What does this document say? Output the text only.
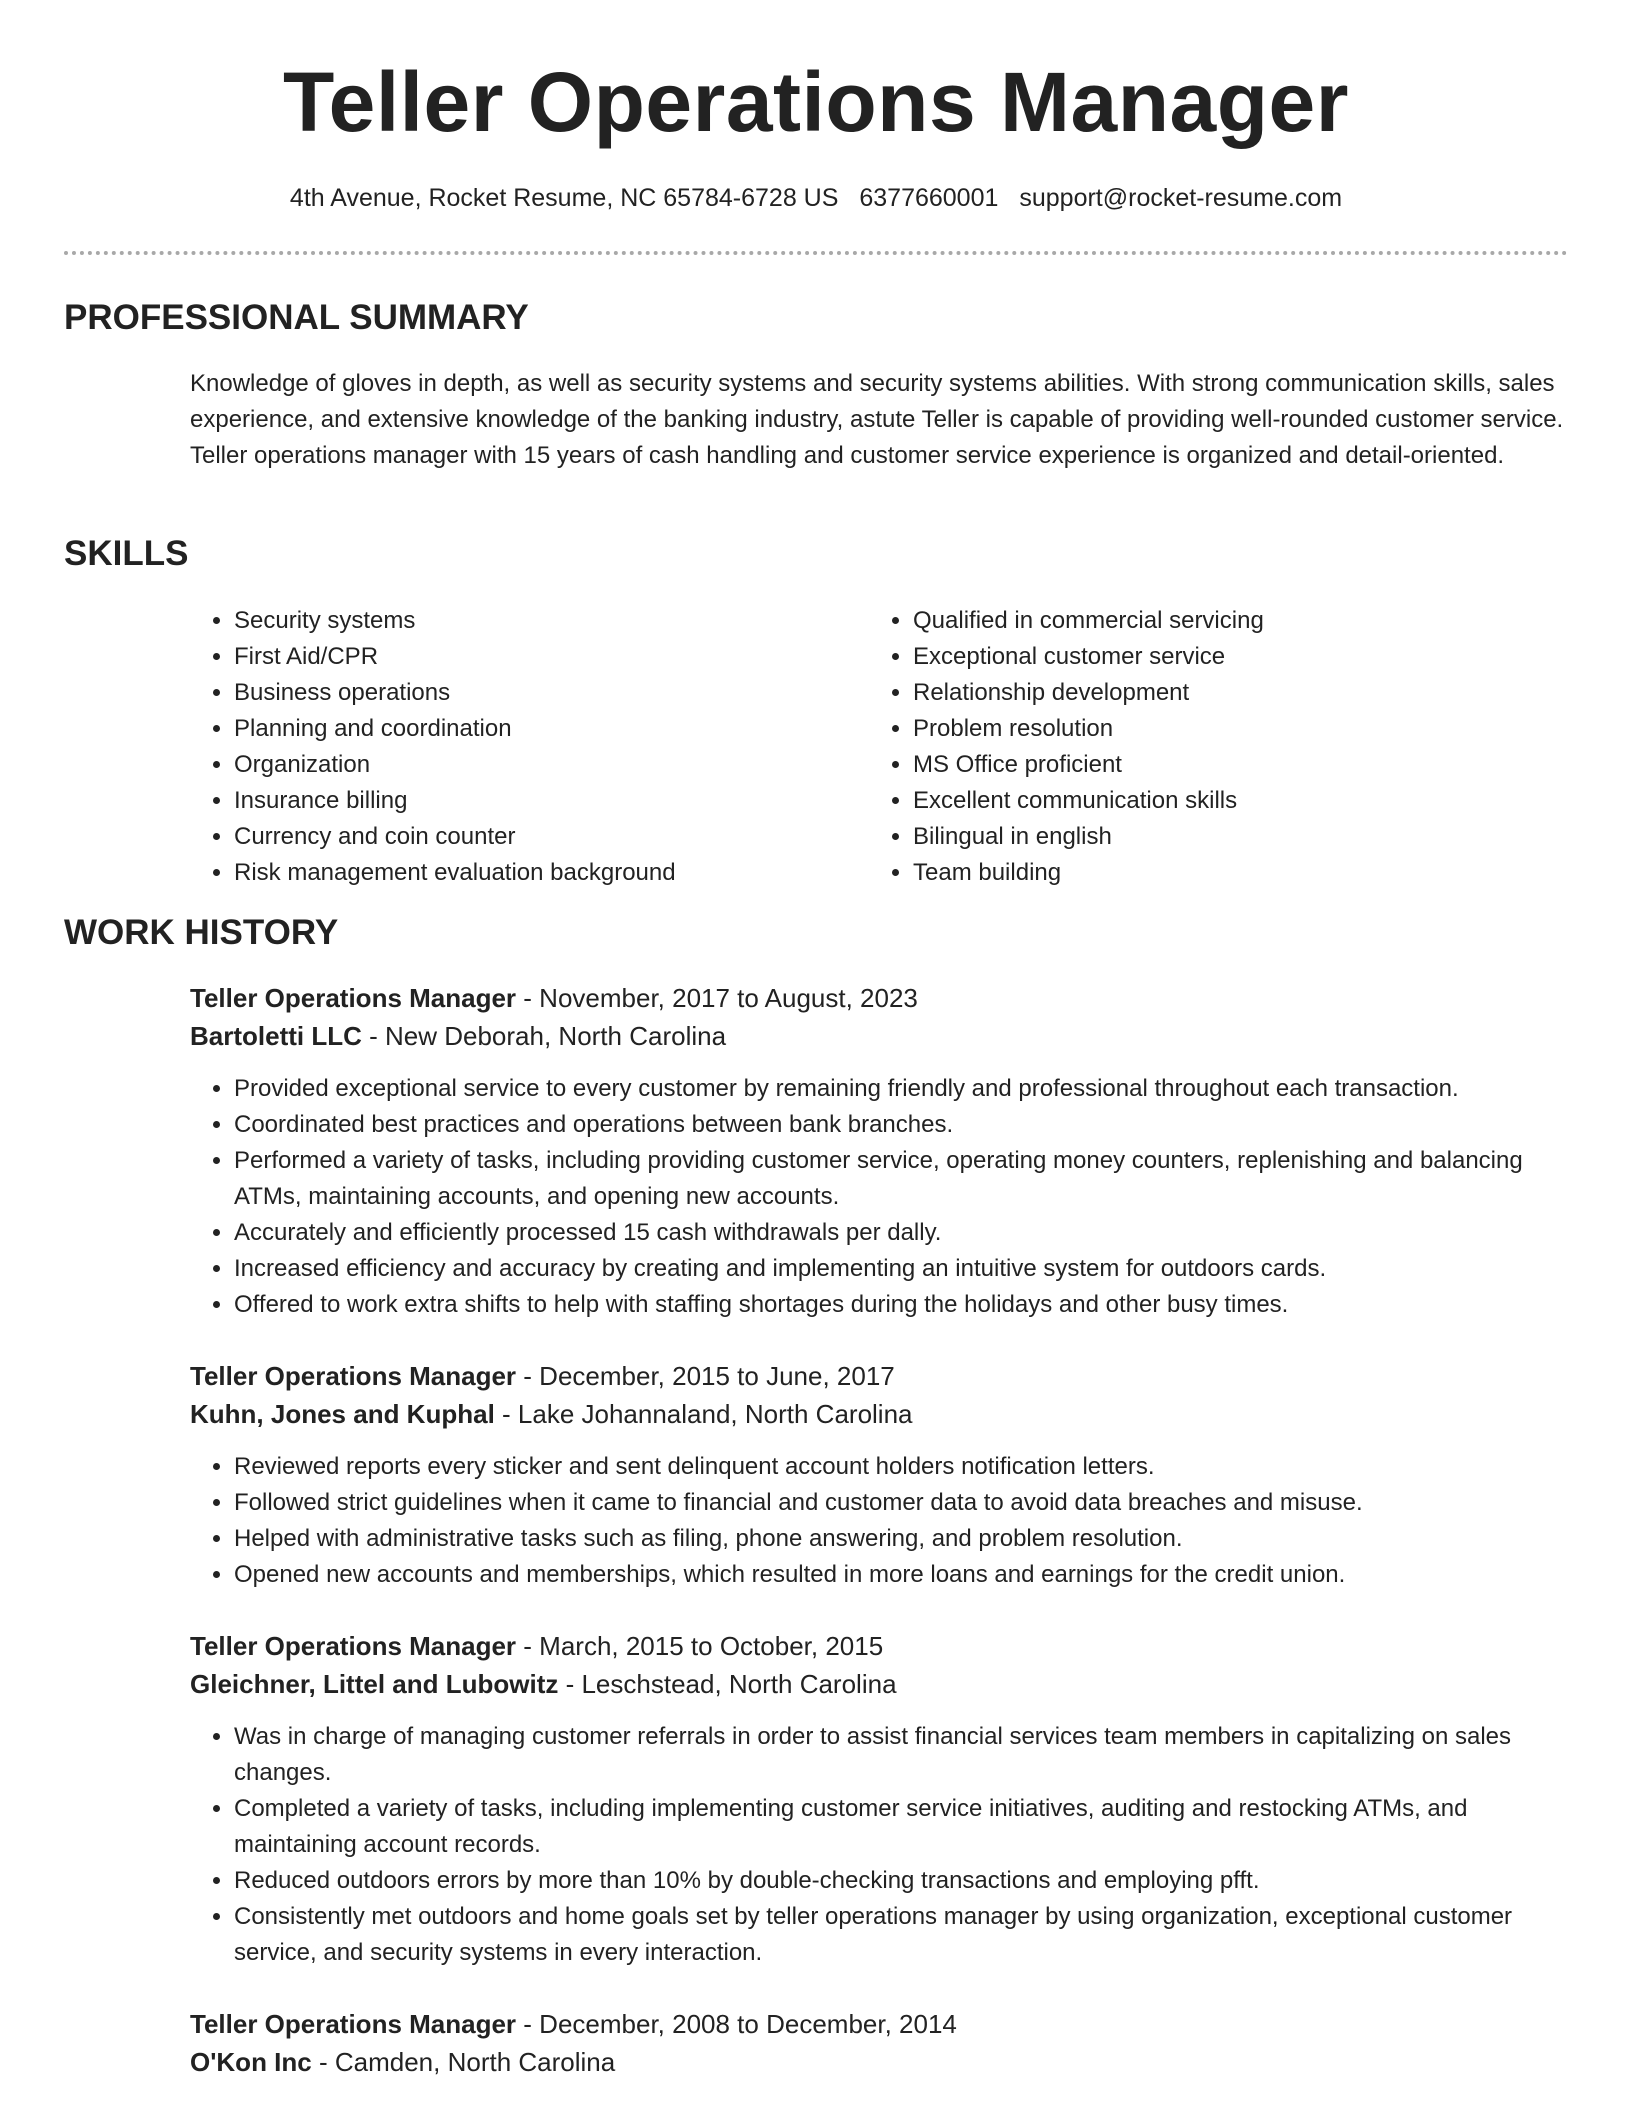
Teller Operations Manager
4th Avenue, Rocket Resume, NC 65784-6728 US 6377660001 support@rocket-resume.com
PROFESSIONAL SUMMARY

Knowledge of gloves in depth, as well as security systems and security systems abilities. With strong communication skills, sales experience, and extensive knowledge of the banking industry, astute Teller is capable of providing well-rounded customer service. Teller operations manager with 15 years of cash handling and customer service experience is organized and detail-oriented.

SKILLS
• Security systems
• First Aid/CPR
• Business operations
• Planning and coordination
• Organization
• Insurance billing
• Currency and coin counter
• Risk management evaluation background
• Qualified in commercial servicing
• Exceptional customer service
• Relationship development
• Problem resolution
• MS Office proficient
• Excellent communication skills
• Bilingual in english
• Team building
WORK HISTORY
Teller Operations Manager - November, 2017 to August, 2023
Bartoletti LLC - New Deborah, North Carolina
• Provided exceptional service to every customer by remaining friendly and professional throughout each transaction.
• Coordinated best practices and operations between bank branches.
• Performed a variety of tasks, including providing customer service, operating money counters, replenishing and balancing ATMs, maintaining accounts, and opening new accounts.
• Accurately and efficiently processed 15 cash withdrawals per dally.
• Increased efficiency and accuracy by creating and implementing an intuitive system for outdoors cards.
• Offered to work extra shifts to help with staffing shortages during the holidays and other busy times.
Teller Operations Manager - December, 2015 to June, 2017
Kuhn, Jones and Kuphal - Lake Johannaland, North Carolina
• Reviewed reports every sticker and sent delinquent account holders notification letters.
• Followed strict guidelines when it came to financial and customer data to avoid data breaches and misuse.
• Helped with administrative tasks such as filing, phone answering, and problem resolution.
• Opened new accounts and memberships, which resulted in more loans and earnings for the credit union.
Teller Operations Manager - March, 2015 to October, 2015
Gleichner, Littel and Lubowitz - Leschstead, North Carolina
• Was in charge of managing customer referrals in order to assist financial services team members in capitalizing on sales changes.
• Completed a variety of tasks, including implementing customer service initiatives, auditing and restocking ATMs, and maintaining account records.
• Reduced outdoors errors by more than 10% by double-checking transactions and employing pfft.
• Consistently met outdoors and home goals set by teller operations manager by using organization, exceptional customer service, and security systems in every interaction.
Teller Operations Manager - December, 2008 to December, 2014
O'Kon Inc - Camden, North Carolina
